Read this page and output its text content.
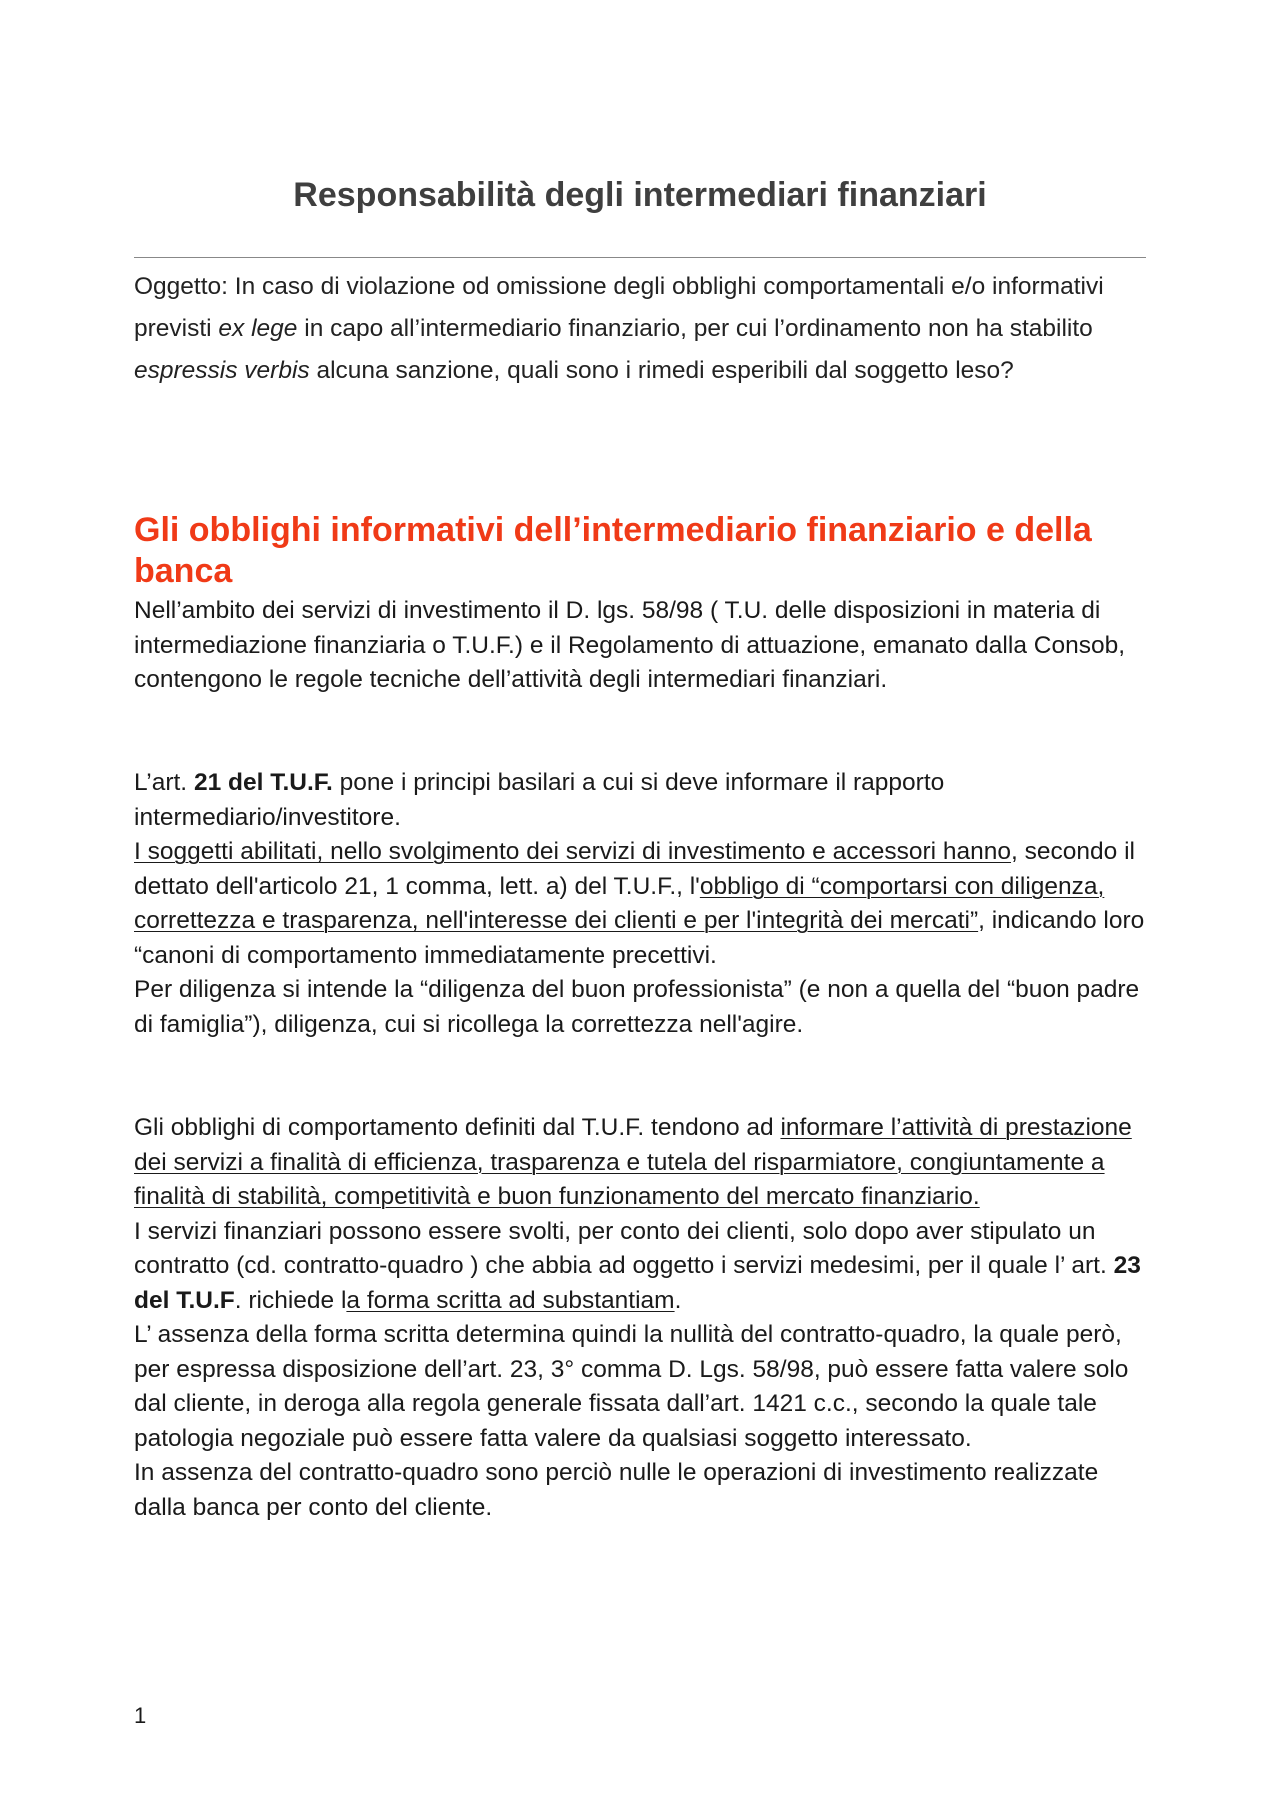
Responsabilità degli intermediari finanziari

Oggetto: In caso di violazione od omissione degli obblighi comportamentali e/o informativi previsti ex lege in capo all’intermediario finanziario, per cui l’ordinamento non ha stabilito espressis verbis alcuna sanzione, quali sono i rimedi esperibili dal soggetto leso?

Gli obblighi informativi dell’intermediario finanziario e della banca

Nell’ambito dei servizi di investimento il D. lgs. 58/98 ( T.U. delle disposizioni in materia di intermediazione finanziaria o T.U.F.) e il Regolamento di attuazione, emanato dalla Consob, contengono le regole tecniche dell’attività degli intermediari finanziari.

L’art. 21 del T.U.F. pone i principi basilari a cui si deve informare il rapporto intermediario/investitore.
I soggetti abilitati, nello svolgimento dei servizi di investimento e accessori hanno, secondo il dettato dell'articolo 21, 1 comma, lett. a) del T.U.F., l'obbligo di “comportarsi con diligenza, correttezza e trasparenza, nell'interesse dei clienti e per l'integrità dei mercati”, indicando loro “canoni di comportamento immediatamente precettivi.
Per diligenza si intende la “diligenza del buon professionista” (e non a quella del “buon padre di famiglia”), diligenza, cui si ricollega la correttezza nell'agire.
Gli obblighi di comportamento definiti dal T.U.F. tendono ad informare l’attività di prestazione dei servizi a finalità di efficienza, trasparenza e tutela del risparmiatore, congiuntamente a finalità di stabilità, competitività e buon funzionamento del mercato finanziario.
I servizi finanziari possono essere svolti, per conto dei clienti, solo dopo aver stipulato un contratto (cd. contratto-quadro ) che abbia ad oggetto i servizi medesimi, per il quale l’ art. 23 del T.U.F. richiede la forma scritta ad substantiam.
L’ assenza della forma scritta determina quindi la nullità del contratto-quadro, la quale però, per espressa disposizione dell’art. 23, 3° comma D. Lgs. 58/98, può essere fatta valere solo dal cliente, in deroga alla regola generale fissata dall’art. 1421 c.c., secondo la quale tale patologia negoziale può essere fatta valere da qualsiasi soggetto interessato.
In assenza del contratto-quadro sono perciò nulle le operazioni di investimento realizzate dalla banca per conto del cliente.
1
